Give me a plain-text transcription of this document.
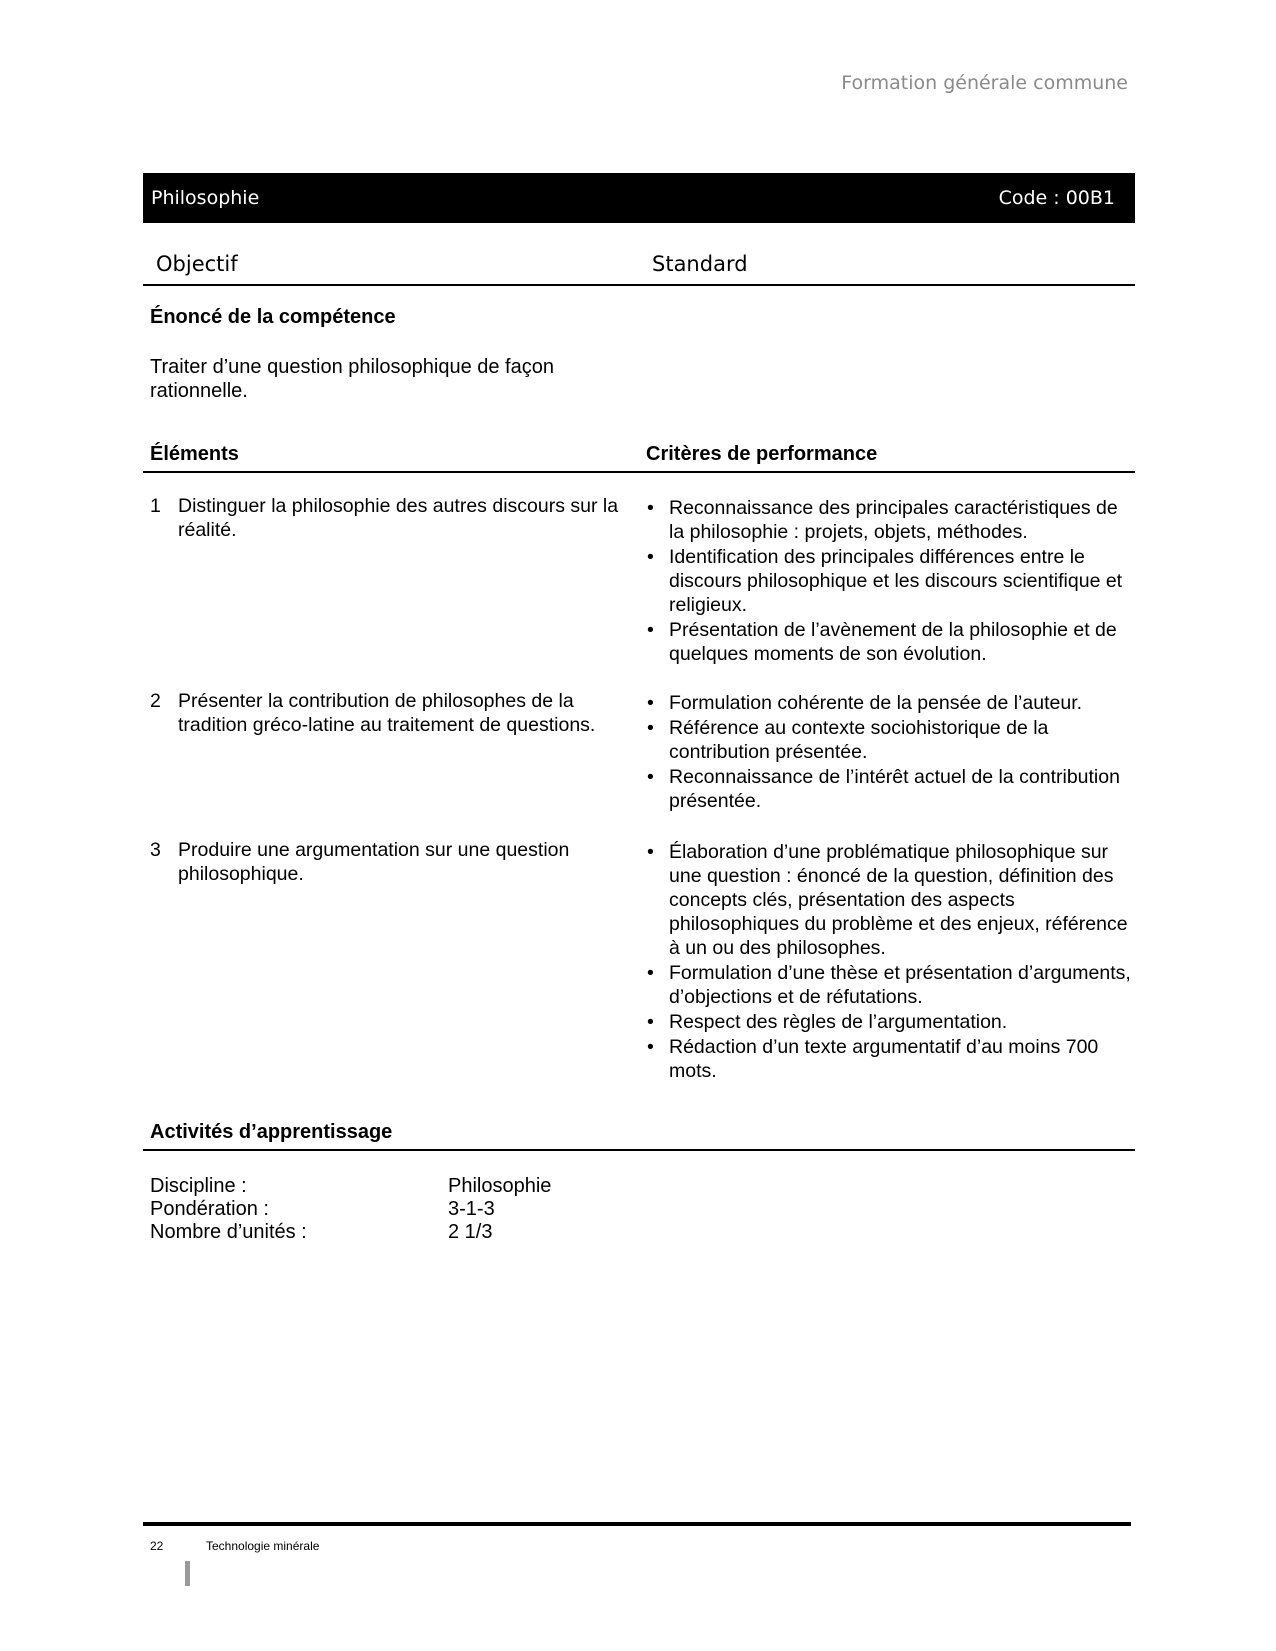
Formation générale commune
Philosophie	Code : 00B1
Objectif	Standard
Énoncé de la compétence
Traiter d’une question philosophique de façon rationnelle.
Éléments	Critères de performance
1 Distinguer la philosophie des autres discours sur la réalité.
• Reconnaissance des principales caractéristiques de la philosophie : projets, objets, méthodes.
• Identification des principales différences entre le discours philosophique et les discours scientifique et religieux.
• Présentation de l’avènement de la philosophie et de quelques moments de son évolution.
2 Présenter la contribution de philosophes de la tradition gréco-latine au traitement de questions.
• Formulation cohérente de la pensée de l’auteur.
• Référence au contexte sociohistorique de la contribution présentée.
• Reconnaissance de l’intérêt actuel de la contribution présentée.
3 Produire une argumentation sur une question philosophique.
• Élaboration d’une problématique philosophique sur une question : énoncé de la question, définition des concepts clés, présentation des aspects philosophiques du problème et des enjeux, référence à un ou des philosophes.
• Formulation d’une thèse et présentation d’arguments, d’objections et de réfutations.
• Respect des règles de l’argumentation.
• Rédaction d’un texte argumentatif d’au moins 700 mots.
Activités d’apprentissage
Discipline :	Philosophie
Pondération :	3-1-3
Nombre d’unités :	2 1/3
22	Technologie minérale
